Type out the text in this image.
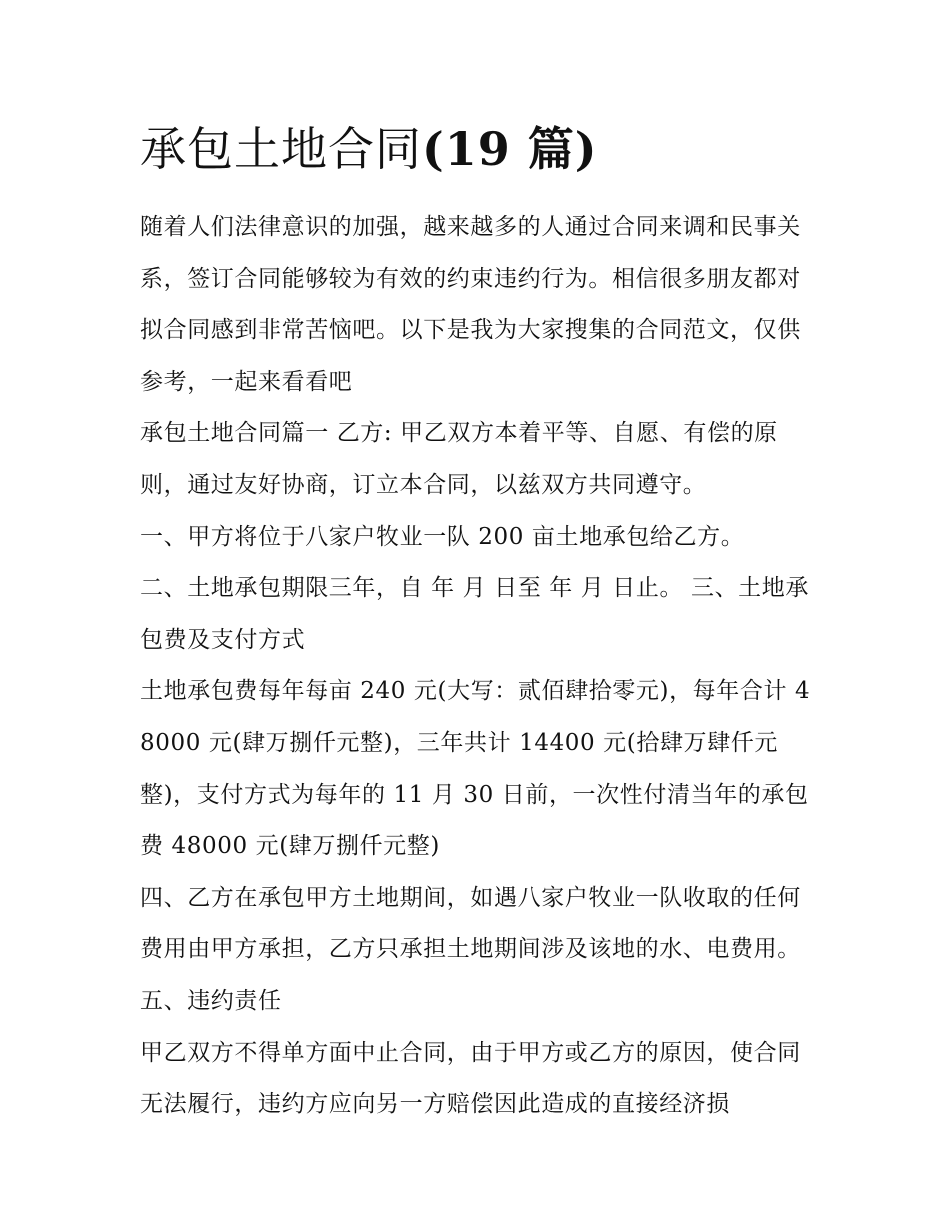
承包土地合同(19 篇)

随着人们法律意识的加强，越来越多的人通过合同来调和民事关系，签订合同能够较为有效的约束违约行为。相信很多朋友都对拟合同感到非常苦恼吧。以下是我为大家搜集的合同范文，仅供参考，一起来看看吧

承包土地合同篇一 乙方: 甲乙双方本着平等、自愿、有偿的原则，通过友好协商，订立本合同，以兹双方共同遵守。

一、甲方将位于八家户牧业一队 200 亩土地承包给乙方。

二、土地承包期限三年，自 年 月 日至 年 月 日止。 三、土地承包费及支付方式

土地承包费每年每亩 240 元(大写：贰佰肆拾零元)，每年合计 48000 元(肆万捌仟元整)，三年共计 14400 元(拾肆万肆仟元整)，支付方式为每年的 11 月 30 日前，一次性付清当年的承包费 48000 元(肆万捌仟元整)

四、乙方在承包甲方土地期间，如遇八家户牧业一队收取的任何费用由甲方承担，乙方只承担土地期间涉及该地的水、电费用。 五、违约责任

甲乙双方不得单方面中止合同，由于甲方或乙方的原因，使合同无法履行，违约方应向另一方赔偿因此造成的直接经济损
